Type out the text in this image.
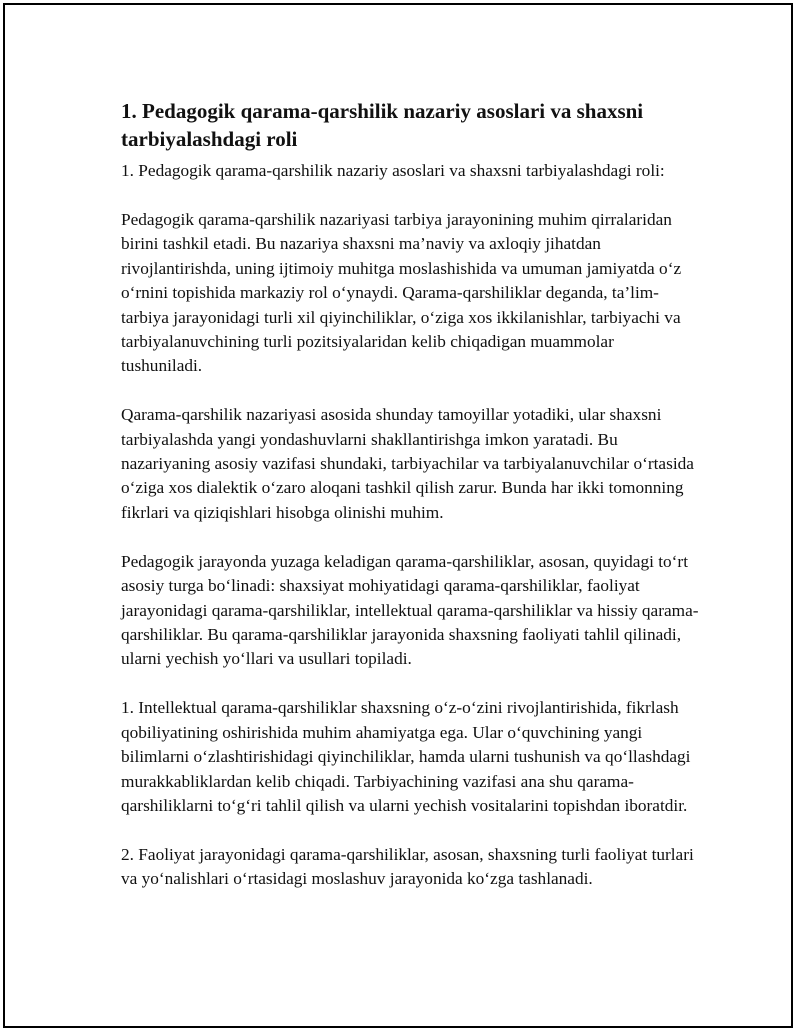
1. Pedagogik qarama-qarshilik nazariy asoslari va shaxsni tarbiyalashdagi roli

1. Pedagogik qarama-qarshilik nazariy asoslari va shaxsni tarbiyalashdagi roli:

Pedagogik qarama-qarshilik nazariyasi tarbiya jarayonining muhim qirralaridan birini tashkil etadi. Bu nazariya shaxsni ma’naviy va axloqiy jihatdan rivojlantirishda, uning ijtimoiy muhitga moslashishida va umuman jamiyatda o‘z o‘rnini topishida markaziy rol o‘ynaydi. Qarama-qarshiliklar deganda, ta’lim-tarbiya jarayonidagi turli xil qiyinchiliklar, o‘ziga xos ikkilanishlar, tarbiyachi va tarbiyalanuvchining turli pozitsiyalaridan kelib chiqadigan muammolar tushuniladi.

Qarama-qarshilik nazariyasi asosida shunday tamoyillar yotadiki, ular shaxsni tarbiyalashda yangi yondashuvlarni shakllantirishga imkon yaratadi. Bu nazariyaning asosiy vazifasi shundaki, tarbiyachilar va tarbiyalanuvchilar o‘rtasida o‘ziga xos dialektik o‘zaro aloqani tashkil qilish zarur. Bunda har ikki tomonning fikrlari va qiziqishlari hisobga olinishi muhim.

Pedagogik jarayonda yuzaga keladigan qarama-qarshiliklar, asosan, quyidagi to‘rt asosiy turga bo‘linadi: shaxsiyat mohiyatidagi qarama-qarshiliklar, faoliyat jarayonidagi qarama-qarshiliklar, intellektual qarama-qarshiliklar va hissiy qarama-qarshiliklar. Bu qarama-qarshiliklar jarayonida shaxsning faoliyati tahlil qilinadi, ularni yechish yo‘llari va usullari topiladi.

1. Intellektual qarama-qarshiliklar shaxsning o‘z-o‘zini rivojlantirishida, fikrlash qobiliyatining oshirishida muhim ahamiyatga ega. Ular o‘quvchining yangi bilimlarni o‘zlashtirishidagi qiyinchiliklar, hamda ularni tushunish va qo‘llashdagi murakkabliklardan kelib chiqadi. Tarbiyachining vazifasi ana shu qarama-qarshiliklarni to‘g‘ri tahlil qilish va ularni yechish vositalarini topishdan iboratdir.

2. Faoliyat jarayonidagi qarama-qarshiliklar, asosan, shaxsning turli faoliyat turlari va yo‘nalishlari o‘rtasidagi moslashuv jarayonida ko‘zga tashlanadi.
